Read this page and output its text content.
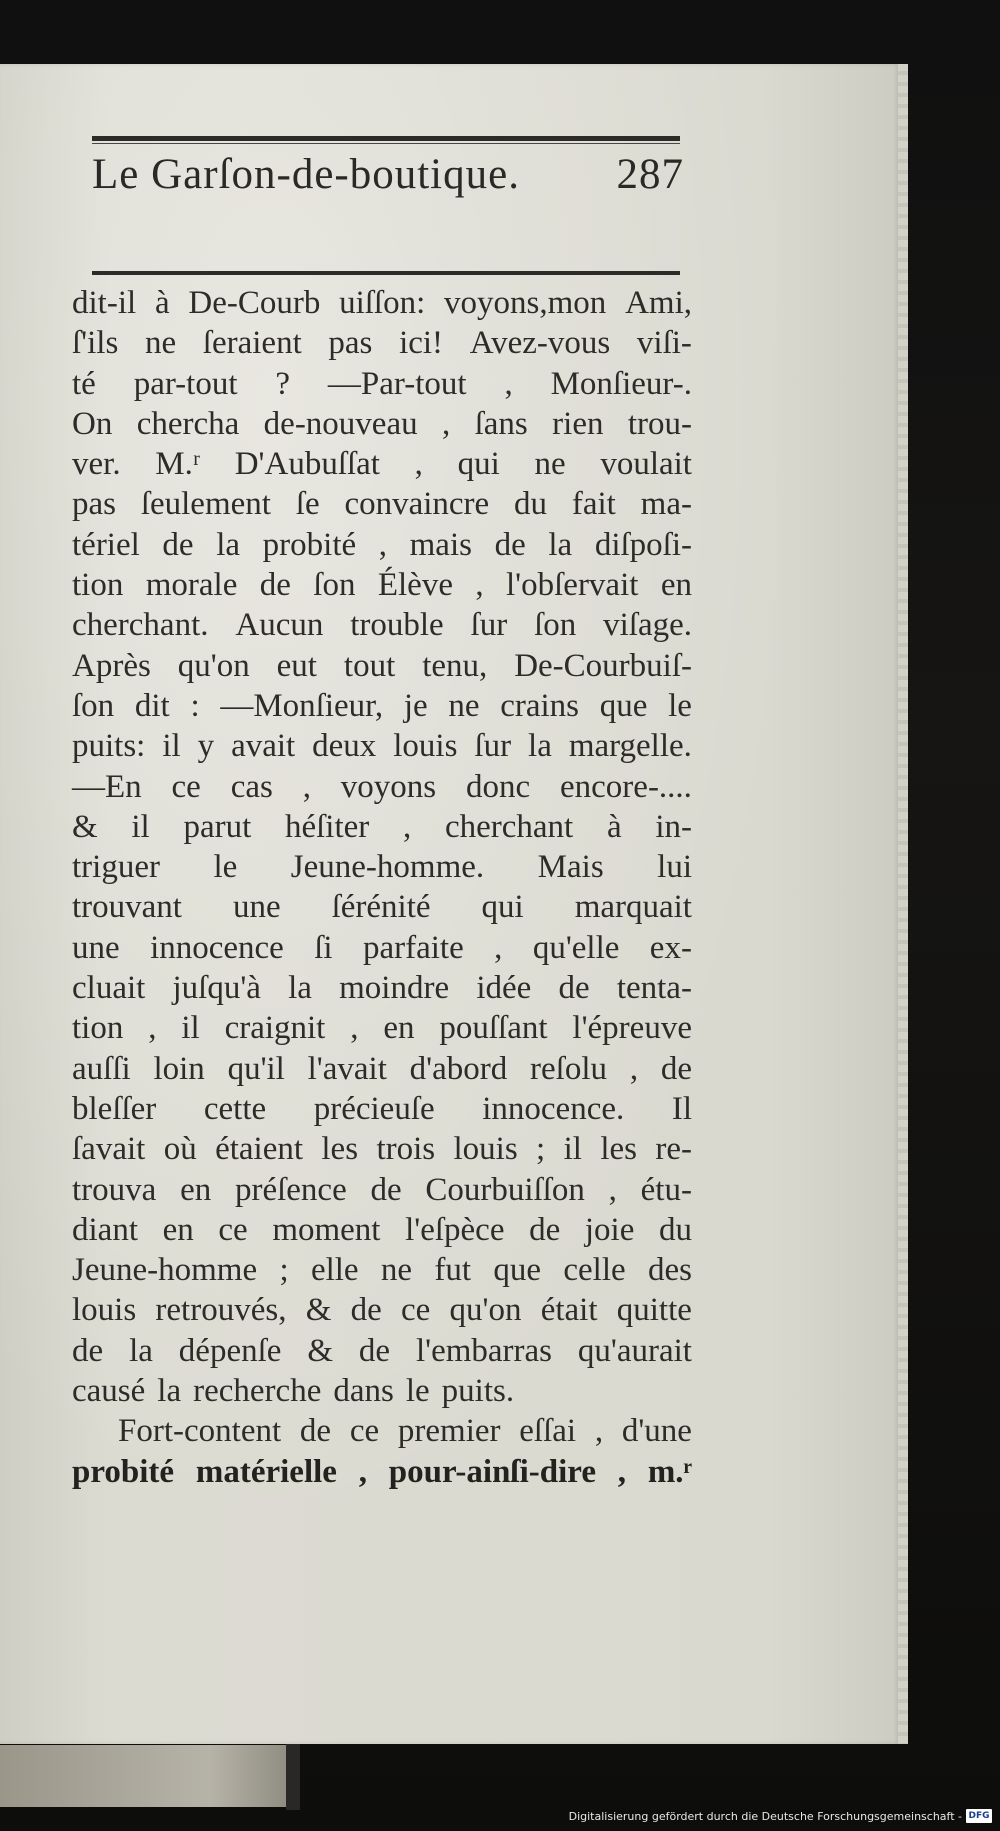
Le Garſon-de-boutique. 287
dit-il à De-Courb uiſſon: voyons,mon Ami,
ſ'ils ne ſeraient pas ici! Avez-vous viſi-
té par-tout ? —Par-tout , Monſieur-.
On chercha de-nouveau , ſans rien trou-
ver. M.ʳ D'Aubuſſat , qui ne voulait
pas ſeulement ſe convaincre du fait ma-
tériel de la probité , mais de la diſpoſi-
tion morale de ſon Élève , l'obſervait en
cherchant. Aucun trouble ſur ſon viſage.
Après qu'on eut tout tenu, De-Courbuiſ-
ſon dit : —Monſieur, je ne crains que le
puits: il y avait deux louis ſur la margelle.
—En ce cas , voyons donc encore-....
& il parut héſiter , cherchant à in-
triguer le Jeune-homme. Mais lui
trouvant une ſérénité qui marquait
une innocence ſi parfaite , qu'elle ex-
cluait juſqu'à la moindre idée de tenta-
tion , il craignit , en pouſſant l'épreuve
auſſi loin qu'il l'avait d'abord reſolu , de
bleſſer cette précieuſe innocence. Il
ſavait où étaient les trois louis ; il les re-
trouva en préſence de Courbuiſſon , étu-
diant en ce moment l'eſpèce de joie du
Jeune-homme ; elle ne fut que celle des
louis retrouvés, & de ce qu'on était quitte
de la dépenſe & de l'embarras qu'aurait
causé la recherche dans le puits.
Fort-content de ce premier eſſai , d'une
probité matérielle , pour-ainſi-dire , m.ʳ
Digitalisierung gefördert durch die Deutsche Forschungsgemeinschaft - DFG
